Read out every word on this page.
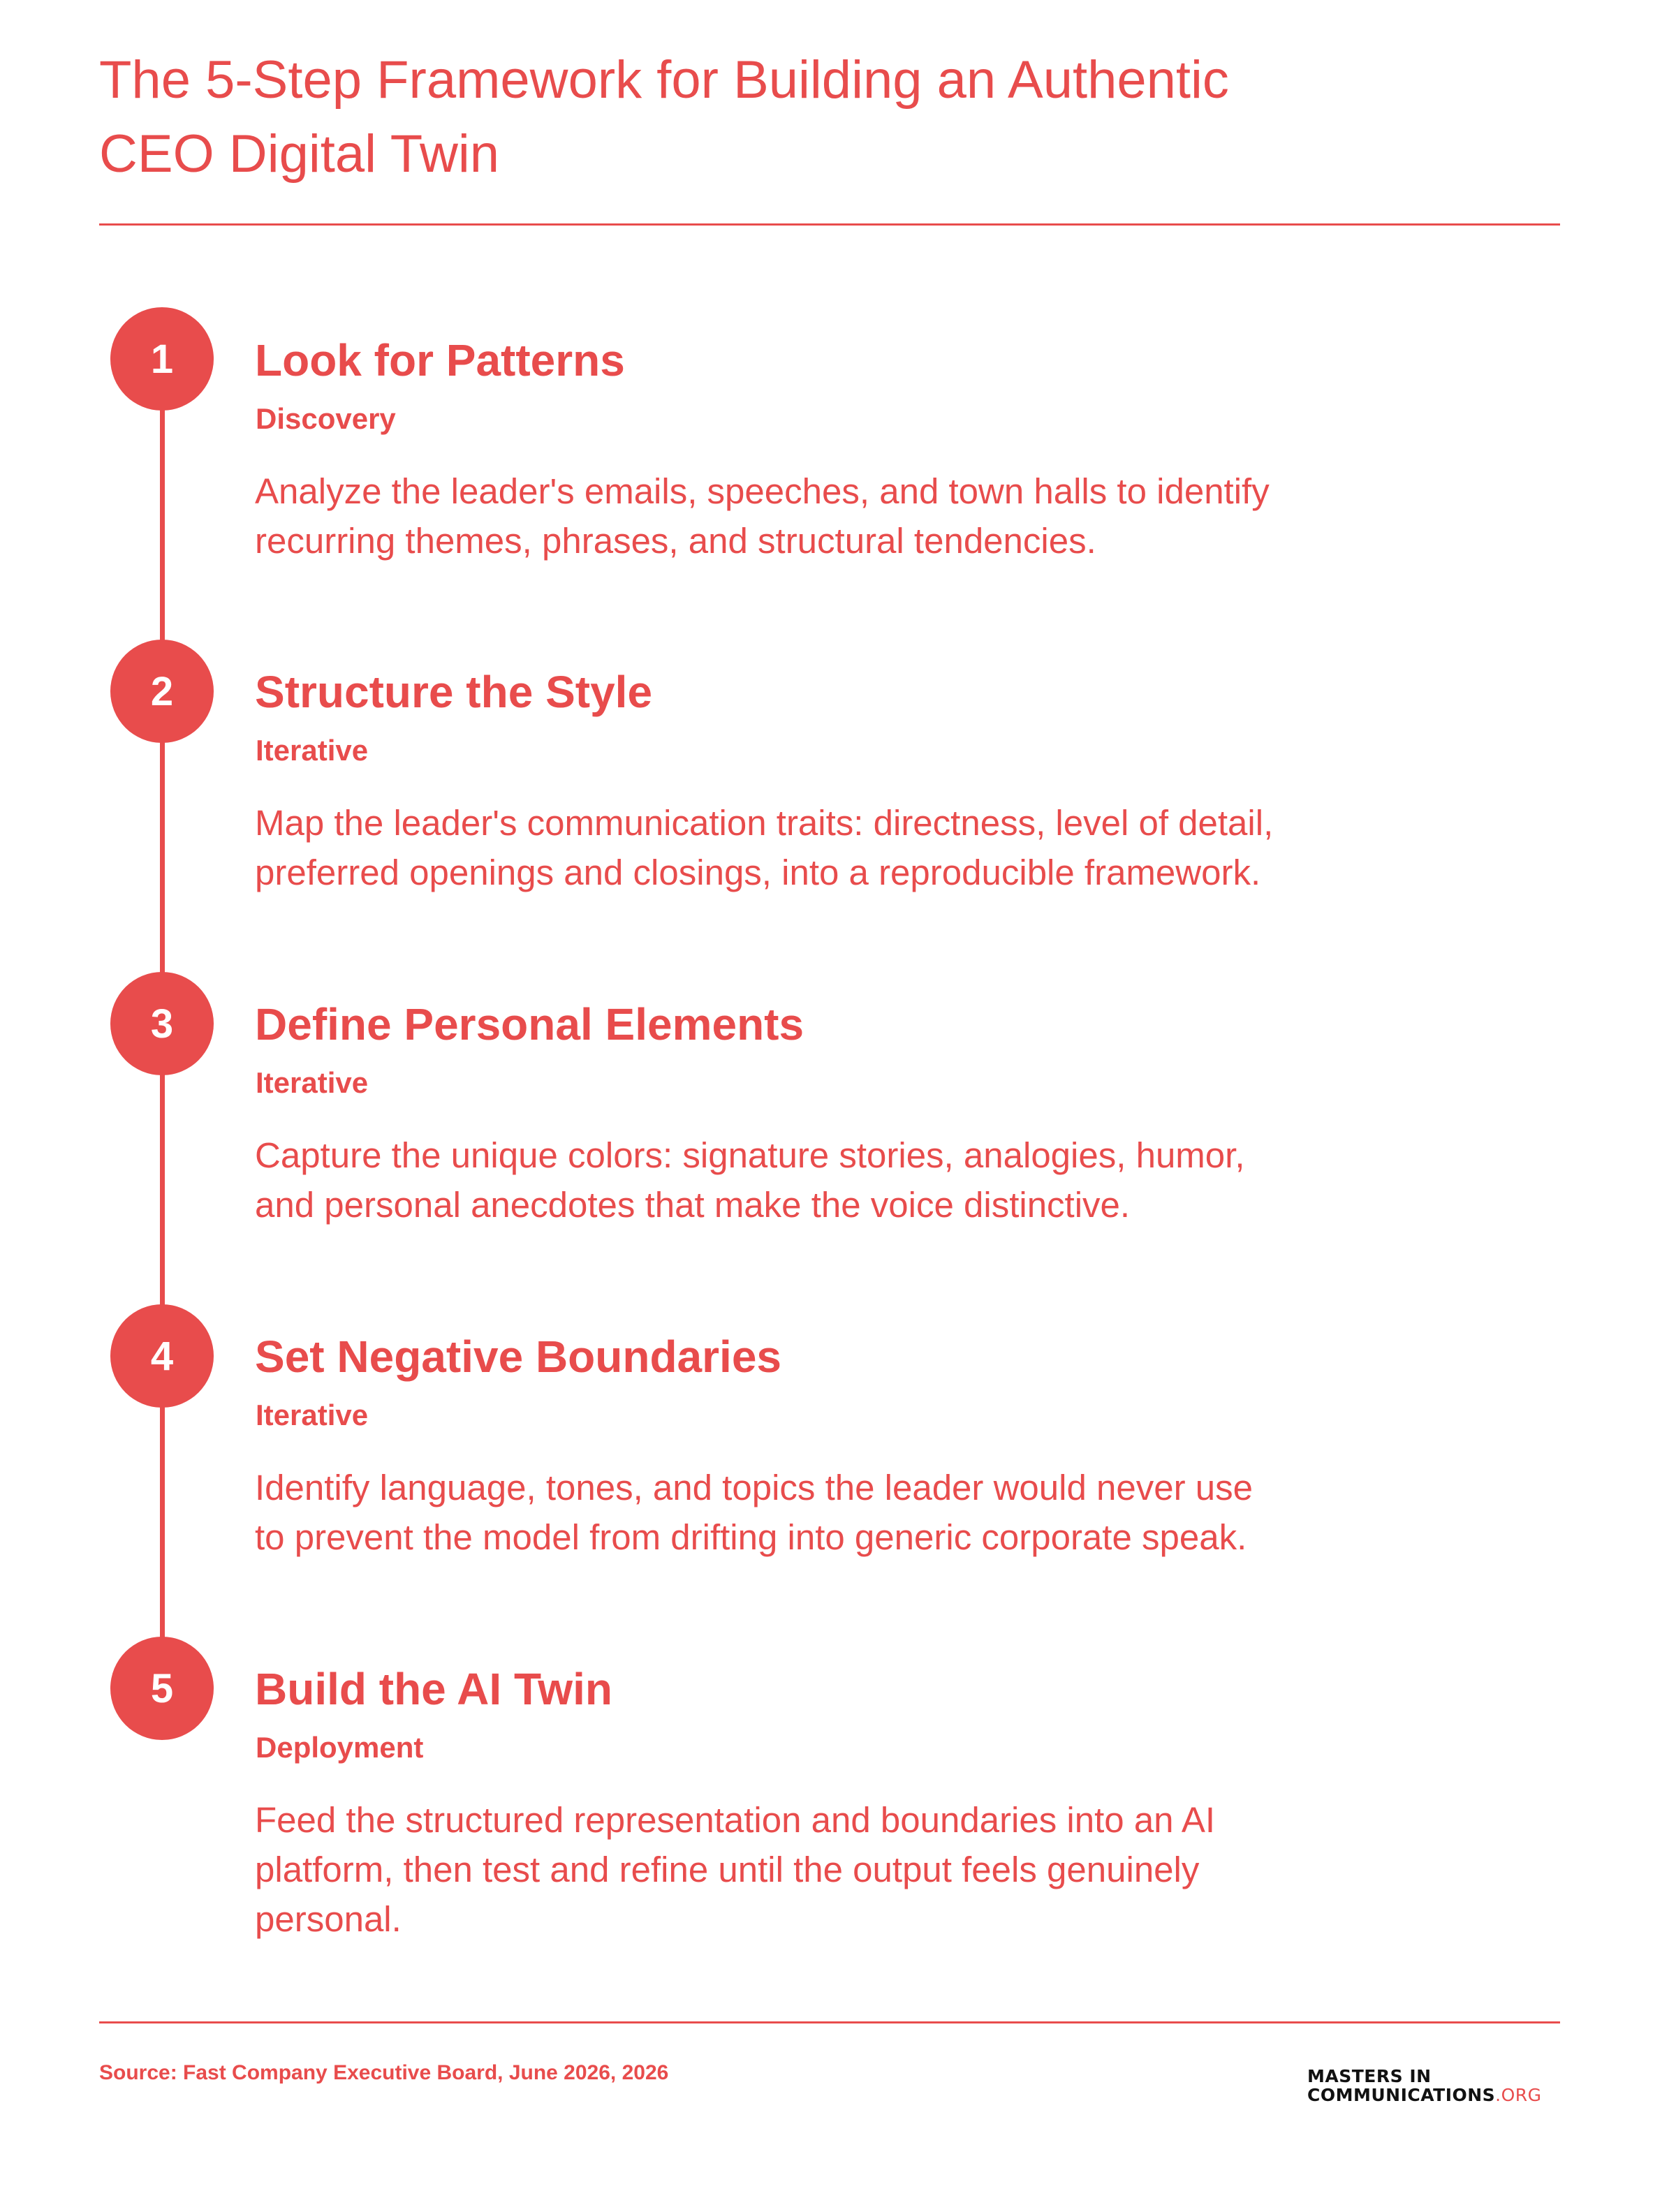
The 5-Step Framework for Building an Authentic
CEO Digital Twin
1	Look for Patterns
Discovery

Analyze the leader's emails, speeches, and town halls to identify recurring themes, phrases, and structural tendencies.

2	Structure the Style
Iterative

Map the leader's communication traits: directness, level of detail, preferred openings and closings, into a reproducible framework.

3	Define Personal Elements
Iterative

Capture the unique colors: signature stories, analogies, humor, and personal anecdotes that make the voice distinctive.

4	Set Negative Boundaries
Iterative

Identify language, tones, and topics the leader would never use to prevent the model from drifting into generic corporate speak.

5	Build the AI Twin
Deployment

Feed the structured representation and boundaries into an AI platform, then test and refine until the output feels genuinely personal.

Source: Fast Company Executive Board, June 2026, 2026	MASTERS IN
COMMUNICATIONS.ORG
